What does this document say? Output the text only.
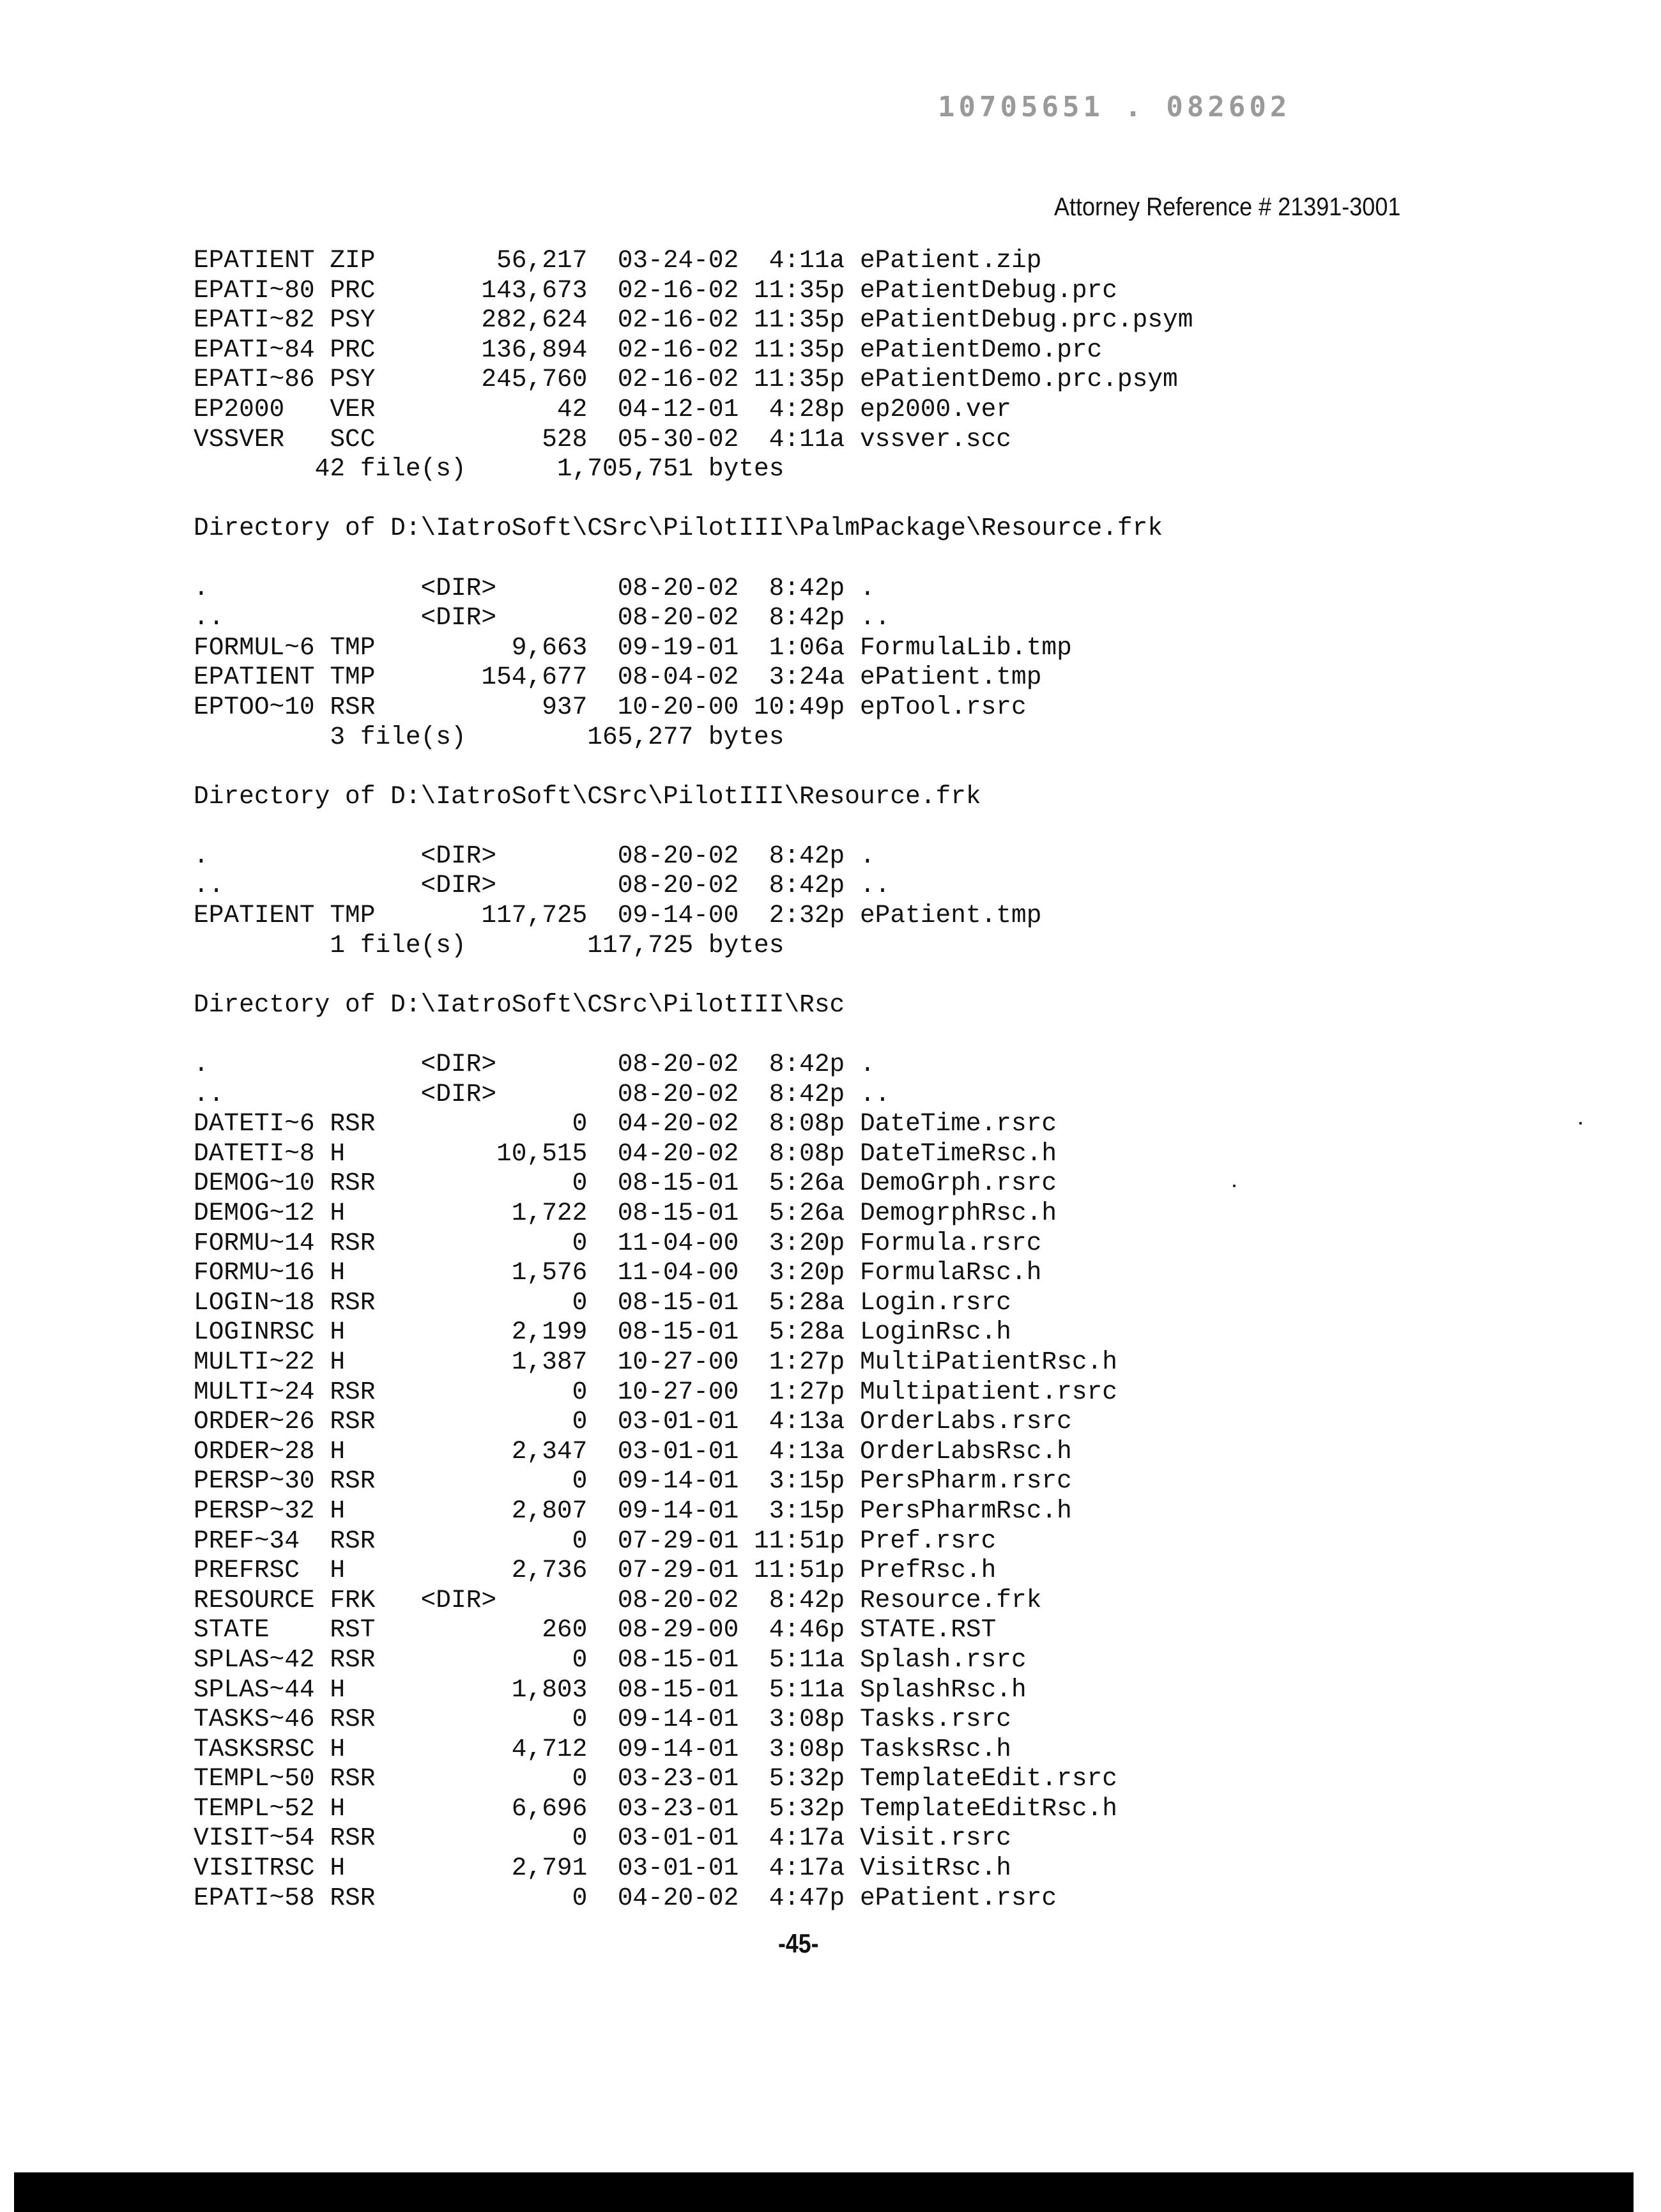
10705651 . 082602
Attorney Reference # 21391-3001
EPATIENT ZIP        56,217  03-24-02  4:11a ePatient.zip
EPATI~80 PRC       143,673  02-16-02 11:35p ePatientDebug.prc
EPATI~82 PSY       282,624  02-16-02 11:35p ePatientDebug.prc.psym
EPATI~84 PRC       136,894  02-16-02 11:35p ePatientDemo.prc
EPATI~86 PSY       245,760  02-16-02 11:35p ePatientDemo.prc.psym
EP2000   VER            42  04-12-01  4:28p ep2000.ver
VSSVER   SCC           528  05-30-02  4:11a vssver.scc
42 file(s)      1,705,751 bytes
Directory of D:\IatroSoft\CSrc\PilotIII\PalmPackage\Resource.frk
.              <DIR>        08-20-02  8:42p .
..             <DIR>        08-20-02  8:42p ..
FORMUL~6 TMP         9,663  09-19-01  1:06a FormulaLib.tmp
EPATIENT TMP       154,677  08-04-02  3:24a ePatient.tmp
EPTOO~10 RSR           937  10-20-00 10:49p epTool.rsrc
3 file(s)        165,277 bytes
Directory of D:\IatroSoft\CSrc\PilotIII\Resource.frk
.              <DIR>        08-20-02  8:42p .
..             <DIR>        08-20-02  8:42p ..
EPATIENT TMP       117,725  09-14-00  2:32p ePatient.tmp
1 file(s)        117,725 bytes
Directory of D:\IatroSoft\CSrc\PilotIII\Rsc
.              <DIR>        08-20-02  8:42p .
..             <DIR>        08-20-02  8:42p ..
DATETI~6 RSR             0  04-20-02  8:08p DateTime.rsrc
DATETI~8 H          10,515  04-20-02  8:08p DateTimeRsc.h
DEMOG~10 RSR             0  08-15-01  5:26a DemoGrph.rsrc
DEMOG~12 H           1,722  08-15-01  5:26a DemogrphRsc.h
FORMU~14 RSR             0  11-04-00  3:20p Formula.rsrc
FORMU~16 H           1,576  11-04-00  3:20p FormulaRsc.h
LOGIN~18 RSR             0  08-15-01  5:28a Login.rsrc
LOGINRSC H           2,199  08-15-01  5:28a LoginRsc.h
MULTI~22 H           1,387  10-27-00  1:27p MultiPatientRsc.h
MULTI~24 RSR             0  10-27-00  1:27p Multipatient.rsrc
ORDER~26 RSR             0  03-01-01  4:13a OrderLabs.rsrc
ORDER~28 H           2,347  03-01-01  4:13a OrderLabsRsc.h
PERSP~30 RSR             0  09-14-01  3:15p PersPharm.rsrc
PERSP~32 H           2,807  09-14-01  3:15p PersPharmRsc.h
PREF~34  RSR             0  07-29-01 11:51p Pref.rsrc
PREFRSC  H           2,736  07-29-01 11:51p PrefRsc.h
RESOURCE FRK   <DIR>        08-20-02  8:42p Resource.frk
STATE    RST           260  08-29-00  4:46p STATE.RST
SPLAS~42 RSR             0  08-15-01  5:11a Splash.rsrc
SPLAS~44 H           1,803  08-15-01  5:11a SplashRsc.h
TASKS~46 RSR             0  09-14-01  3:08p Tasks.rsrc
TASKSRSC H           4,712  09-14-01  3:08p TasksRsc.h
TEMPL~50 RSR             0  03-23-01  5:32p TemplateEdit.rsrc
TEMPL~52 H           6,696  03-23-01  5:32p TemplateEditRsc.h
VISIT~54 RSR             0  03-01-01  4:17a Visit.rsrc
VISITRSC H           2,791  03-01-01  4:17a VisitRsc.h
EPATI~58 RSR             0  04-20-02  4:47p ePatient.rsrc
-45-
